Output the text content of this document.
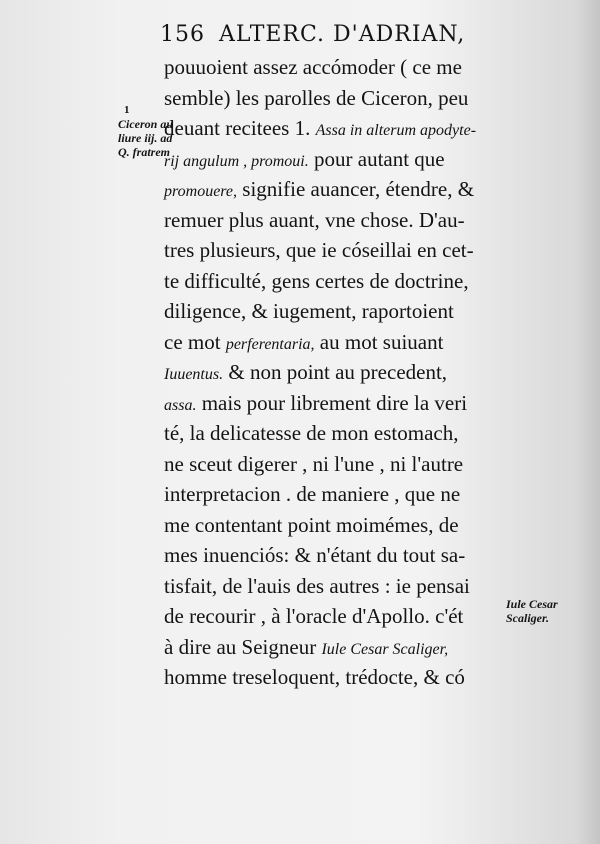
156 ALTERC. D'ADRIAN,
1
Ciceron au
liure iij. ad
Q. fratrem
pouuoient assez accómoder ( ce me
semble) les parolles de Ciceron, peu
deuant recitees 1. Assa in alterum apodyte-
rij angulum , promoui. pour autant que
promouere, signifie auancer, étendre, &
remuer plus auant, vne chose. D'au-
tres plusieurs, que ie cóseillai en cet-
te difficulté, gens certes de doctrine,
diligence, & iugement, raportoient
ce mot perferentaria, au mot suiuant
Iuuentus. & non point au precedent,
assa. mais pour librement dire la veri
té, la delicatesse de mon estomach,
ne sceut digerer , ni l'une , ni l'autre
interpretacion . de maniere , que ne
me contentant point moimémes, de
mes inuenciós: & n'étant du tout sa-
tisfait, de l'auis des autres : ie pensai
de recourir , à l'oracle d'Apollo. c'ét
à dire au Seigneur Iule Cesar Scaliger,
homme treseloquent, trédocte, & có
Iule Cesar
Scaliger.
